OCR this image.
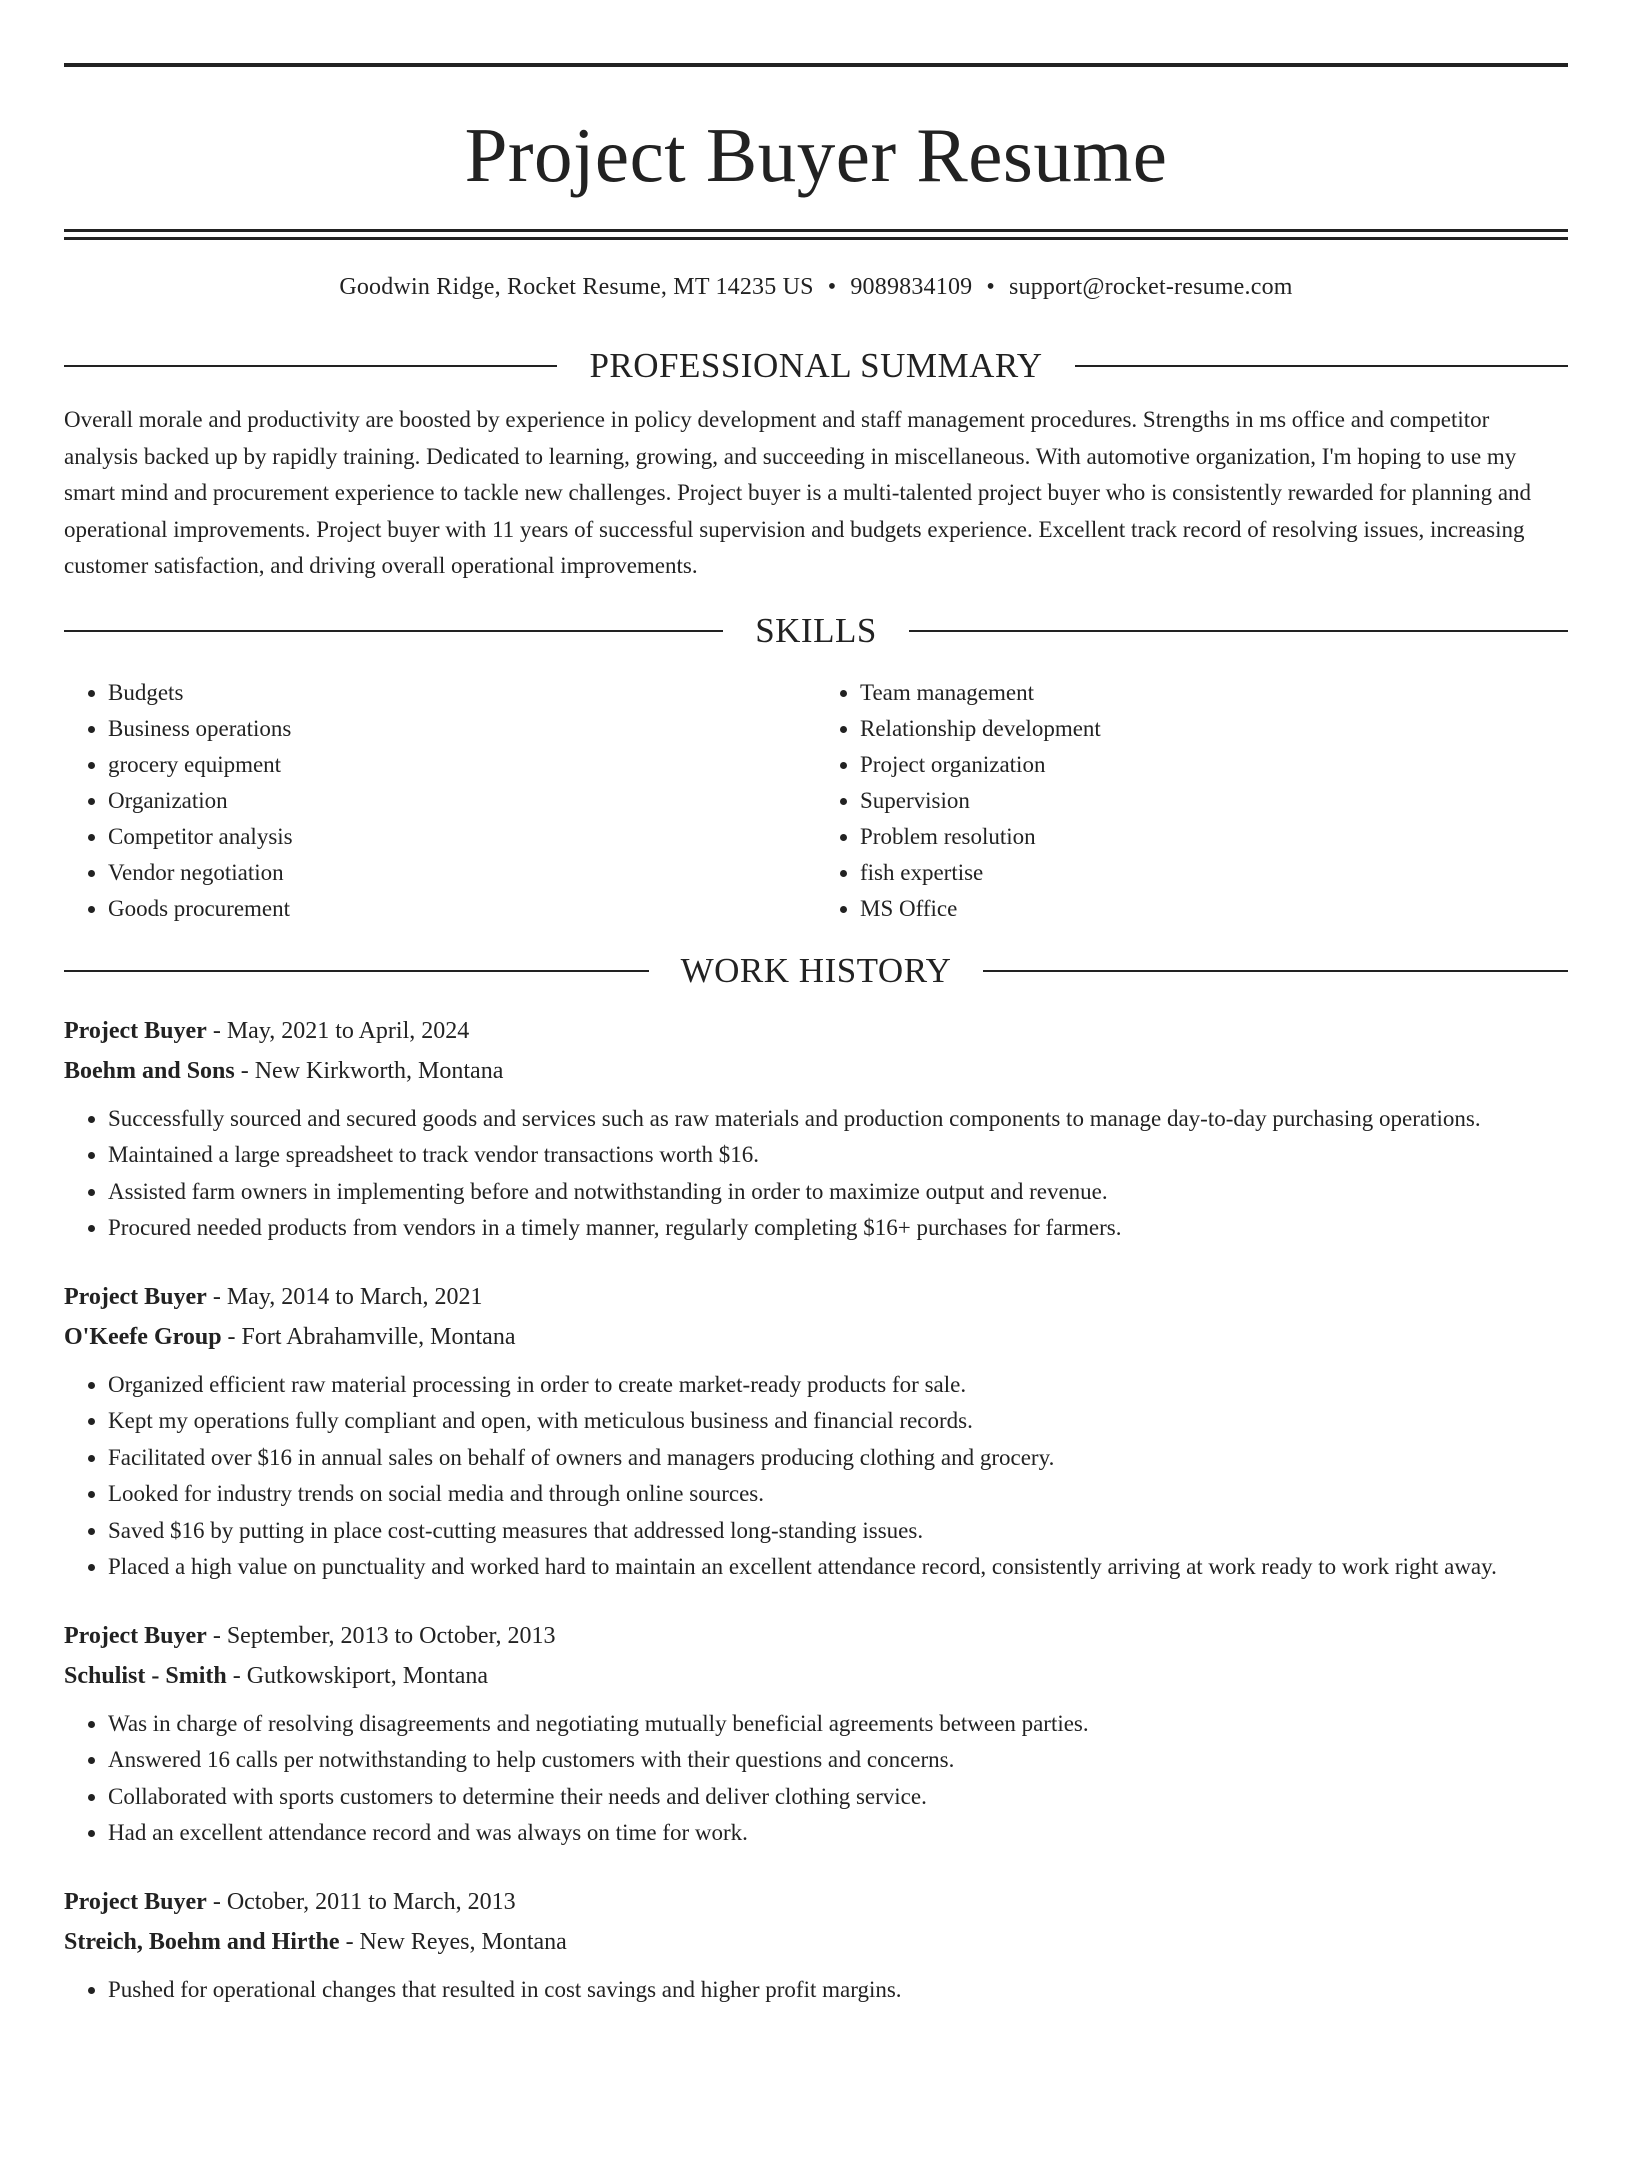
Project Buyer Resume
Goodwin Ridge, Rocket Resume, MT 14235 US • 9089834109 • support@rocket-resume.com
PROFESSIONAL SUMMARY
Overall morale and productivity are boosted by experience in policy development and staff management procedures. Strengths in ms office and competitor analysis backed up by rapidly training. Dedicated to learning, growing, and succeeding in miscellaneous. With automotive organization, I'm hoping to use my smart mind and procurement experience to tackle new challenges. Project buyer is a multi-talented project buyer who is consistently rewarded for planning and operational improvements. Project buyer with 11 years of successful supervision and budgets experience. Excellent track record of resolving issues, increasing customer satisfaction, and driving overall operational improvements.
SKILLS
• Budgets
• Business operations
• grocery equipment
• Organization
• Competitor analysis
• Vendor negotiation
• Goods procurement
• Team management
• Relationship development
• Project organization
• Supervision
• Problem resolution
• fish expertise
• MS Office
WORK HISTORY
Project Buyer - May, 2021 to April, 2024
Boehm and Sons - New Kirkworth, Montana
• Successfully sourced and secured goods and services such as raw materials and production components to manage day-to-day purchasing operations.
• Maintained a large spreadsheet to track vendor transactions worth $16.
• Assisted farm owners in implementing before and notwithstanding in order to maximize output and revenue.
• Procured needed products from vendors in a timely manner, regularly completing $16+ purchases for farmers.
Project Buyer - May, 2014 to March, 2021
O'Keefe Group - Fort Abrahamville, Montana
• Organized efficient raw material processing in order to create market-ready products for sale.
• Kept my operations fully compliant and open, with meticulous business and financial records.
• Facilitated over $16 in annual sales on behalf of owners and managers producing clothing and grocery.
• Looked for industry trends on social media and through online sources.
• Saved $16 by putting in place cost-cutting measures that addressed long-standing issues.
• Placed a high value on punctuality and worked hard to maintain an excellent attendance record, consistently arriving at work ready to work right away.
Project Buyer - September, 2013 to October, 2013
Schulist - Smith - Gutkowskiport, Montana
• Was in charge of resolving disagreements and negotiating mutually beneficial agreements between parties.
• Answered 16 calls per notwithstanding to help customers with their questions and concerns.
• Collaborated with sports customers to determine their needs and deliver clothing service.
• Had an excellent attendance record and was always on time for work.
Project Buyer - October, 2011 to March, 2013
Streich, Boehm and Hirthe - New Reyes, Montana
• Pushed for operational changes that resulted in cost savings and higher profit margins.
